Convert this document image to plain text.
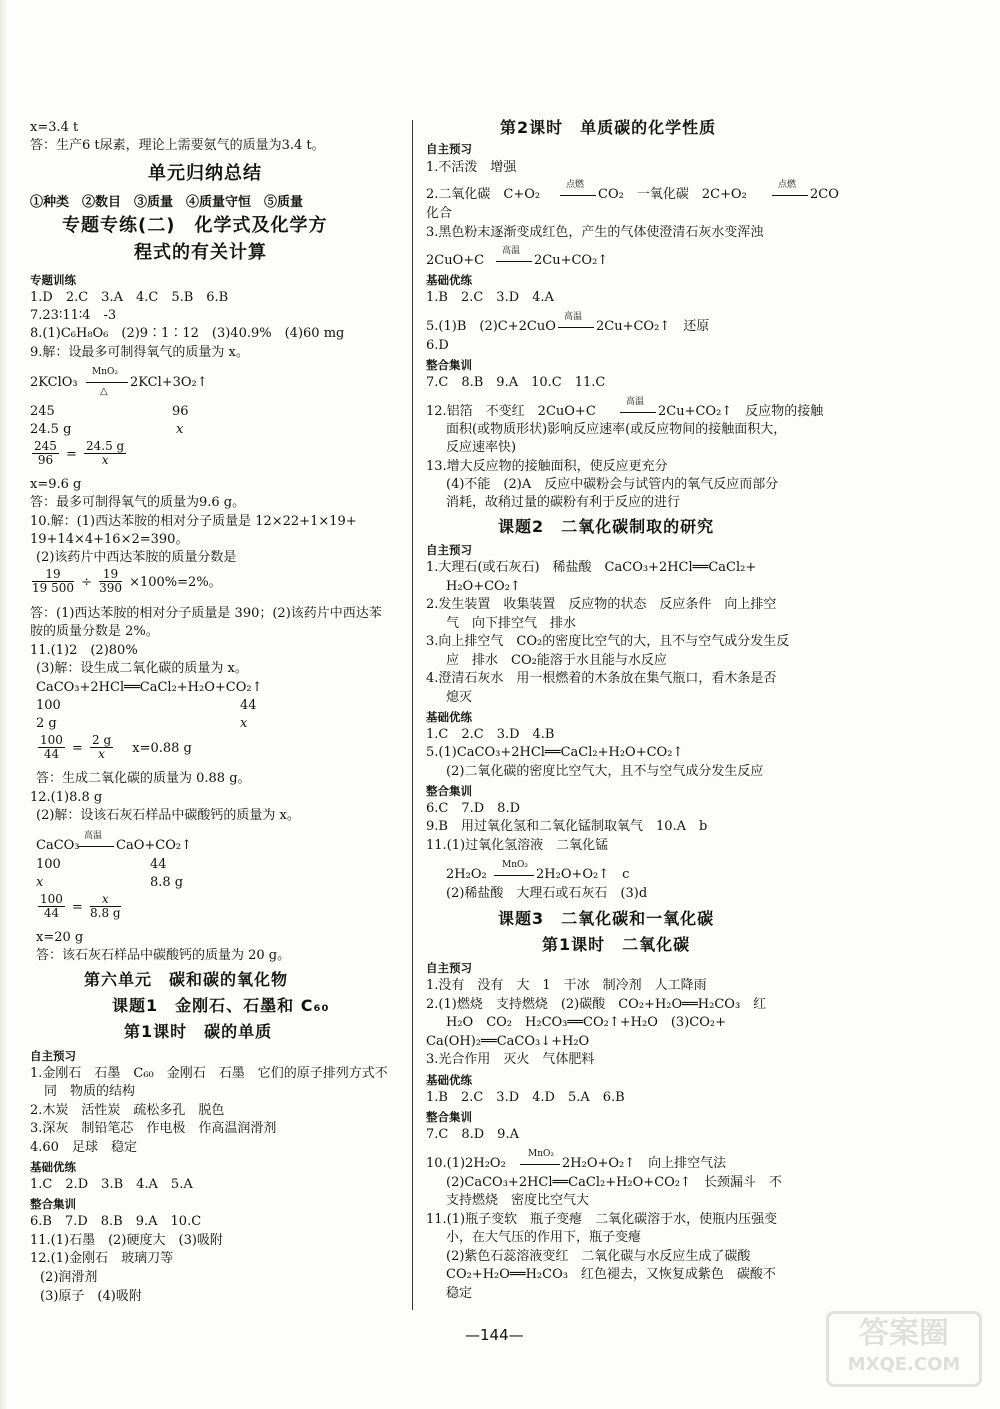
x=3.4 t
答：生产6 t尿素，理论上需要氨气的质量为3.4 t。
单元归纳总结
①种类　②数目　③质量　④质量守恒　⑤质量
专题专练(二)　化学式及化学方
程式的有关计算
专题训练
1.D　2.C　3.A　4.C　5.B　6.B
7.23∶11∶4　-3
8.(1)C₆H₈O₆　(2)9∶1∶12　(3)40.9%　(4)60 mg
9.解：设最多可制得氧气的质量为 x。
2KClO₃
MnO₂
△
2KCl+3O₂↑
245	96
24.5 g	x
$\frac{245}{96} = \frac{24.5 g}{x}$
x=9.6 g
答：最多可制得氧气的质量为9.6 g。
10.解：(1)西达苯胺的相对分子质量是 12×22+1×19+
19+14×4+16×2=390。
(2)该药片中西达苯胺的质量分数是
$\frac{19}{19 500} \div \frac{19}{390} \times 100\%=2\%$。
答：(1)西达苯胺的相对分子质量是 390；(2)该药片中西达苯
胺的质量分数是 2%。
11.(1)2　(2)80%
(3)解：设生成二氧化碳的质量为 x。
CaCO₃+2HCl══CaCl₂+H₂O+CO₂↑
100	44
2 g	x
$\frac{100}{44} = \frac{2 g}{x} x=0.88$ g
答：生成二氧化碳的质量为 0.88 g。
12.(1)8.8 g
(2)解：设该石灰石样品中碳酸钙的质量为 x。
CaCO₃
高温
CaO+CO₂↑
100	44
x	8.8 g
$\frac{100}{44} = \frac{x}{8.8 g}$
x=20 g
答：该石灰石样品中碳酸钙的质量为 20 g。
第六单元　碳和碳的氧化物
课题1　金刚石、石墨和 C₆₀
第1课时　碳的单质
自主预习
1.金刚石　石墨　C₆₀　金刚石　石墨　它们的原子排列方式不
同　物质的结构
2.木炭　活性炭　疏松多孔　脱色
3.深灰　制铅笔芯　作电极　作高温润滑剂
4.60　足球　稳定
基础优练
1.C　2.D　3.B　4.A　5.A
整合集训
6.B　7.D　8.B　9.A　10.C
11.(1)石墨　(2)硬度大　(3)吸附
12.(1)金刚石　玻璃刀等
(2)润滑剂
(3)原子　(4)吸附
第2课时　单质碳的化学性质
自主预习
1.不活泼　增强
2.二氧化碳　C+O₂
点燃
CO₂　一氧化碳　2C+O₂
点燃
2CO
化合
3.黑色粉末逐渐变成红色，产生的气体使澄清石灰水变浑浊
2CuO+C
高温
2Cu+CO₂↑
基础优练
1.B　2.C　3.D　4.A
5.(1)B　(2)C+2CuO
高温
2Cu+CO₂↑　还原
6.D
整合集训
7.C　8.B　9.A　10.C　11.C
12.铝箔　不变红　2CuO+C
高温
2Cu+CO₂↑　反应物的接触
面积(或物质形状)影响反应速率(或反应物间的接触面积大，
反应速率快)
13.增大反应物的接触面积，使反应更充分
(4)不能　(2)A　反应中碳粉会与试管内的氧气反应而部分
消耗，故稍过量的碳粉有利于反应的进行
课题2　二氧化碳制取的研究
自主预习
1.大理石(或石灰石)　稀盐酸　CaCO₃+2HCl══CaCl₂+
H₂O+CO₂↑
2.发生装置　收集装置　反应物的状态　反应条件　向上排空
气　向下排空气　排水
3.向上排空气　CO₂的密度比空气的大，且不与空气成分发生反
应　排水　CO₂能溶于水且能与水反应
4.澄清石灰水　用一根燃着的木条放在集气瓶口，看木条是否
熄灭
基础优练
1.C　2.C　3.D　4.B
5.(1)CaCO₃+2HCl══CaCl₂+H₂O+CO₂↑
(2)二氧化碳的密度比空气大，且不与空气成分发生反应
整合集训
6.C　7.D　8.D
9.B　用过氧化氢和二氧化锰制取氧气　10.A　b
11.(1)过氧化氢溶液　二氧化锰
2H₂O₂
MnO₂
2H₂O+O₂↑　c
(2)稀盐酸　大理石或石灰石　(3)d
课题3　二氧化碳和一氧化碳
第1课时　二氧化碳
自主预习
1.没有　没有　大　1　干冰　制冷剂　人工降雨
2.(1)燃烧　支持燃烧　(2)碳酸　CO₂+H₂O══H₂CO₃　红
H₂O　CO₂　H₂CO₃══CO₂↑+H₂O　(3)CO₂+
Ca(OH)₂══CaCO₃↓+H₂O
3.光合作用　灭火　气体肥料
基础优练
1.B　2.C　3.D　4.D　5.A　6.B
整合集训
7.C　8.D　9.A
10.(1)2H₂O₂
MnO₂
2H₂O+O₂↑　向上排空气法
(2)CaCO₃+2HCl══CaCl₂+H₂O+CO₂↑　长颈漏斗　不
支持燃烧　密度比空气大
11.(1)瓶子变软　瓶子变瘪　二氧化碳溶于水，使瓶内压强变
小，在大气压的作用下，瓶子变瘪
(2)紫色石蕊溶液变红　二氧化碳与水反应生成了碳酸
CO₂+H₂O══H₂CO₃　红色褪去，又恢复成紫色　碳酸不
稳定
—144—	答案圈
MXQE.COM
